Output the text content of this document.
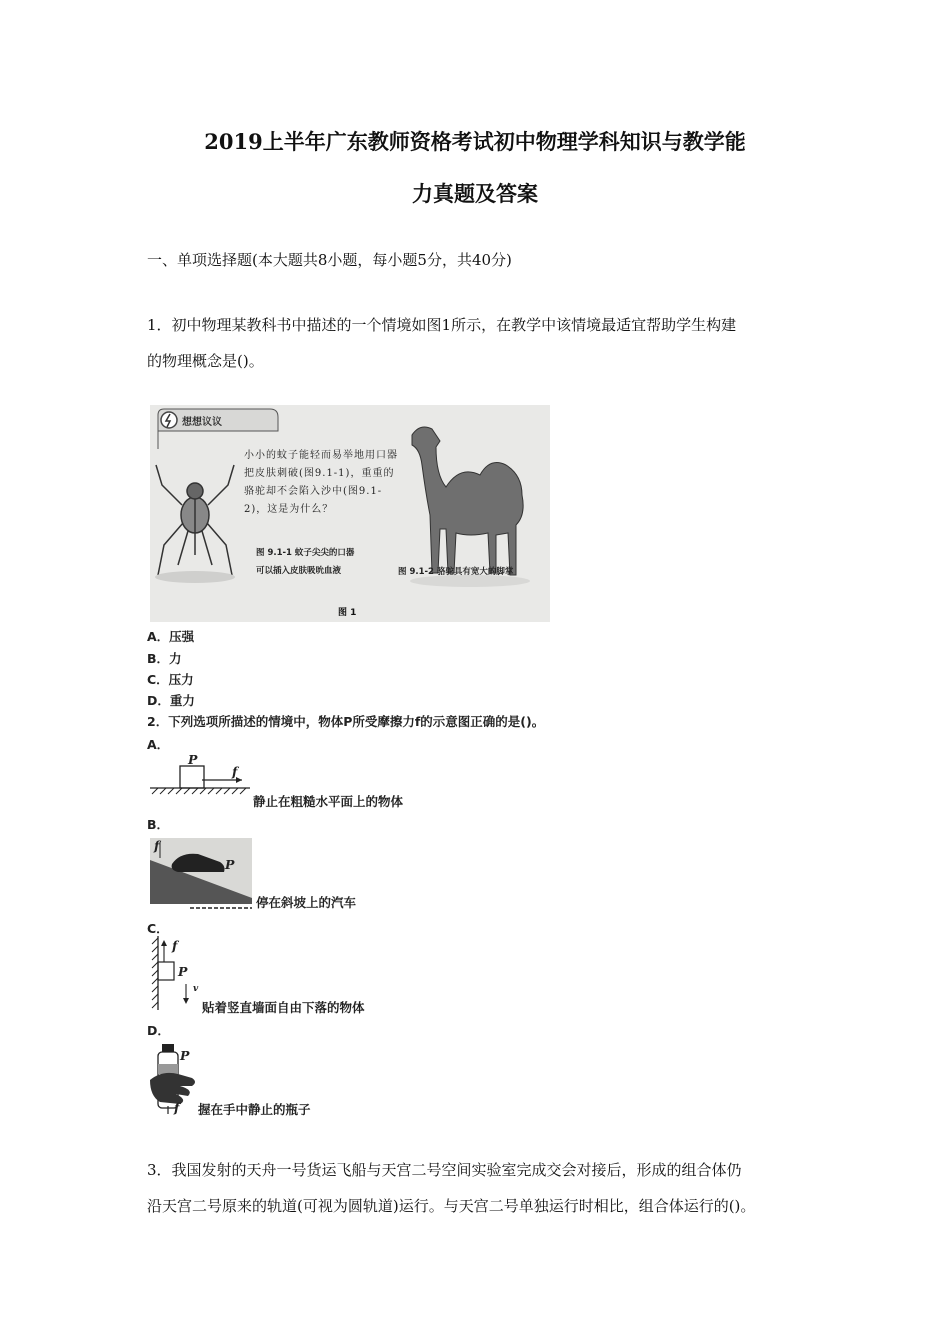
2019上半年广东教师资格考试初中物理学科知识与教学能
力真题及答案
一、单项选择题(本大题共8小题，每小题5分，共40分)
1．初中物理某教科书中描述的一个情境如图1所示，在教学中该情境最适宜帮助学生构建
的物理概念是()。
想想议议
小小的蚊子能轻而易举地用口器把皮肤刺破(图9.1-1)，重重的骆驼却不会陷入沙中(图9.1-2)，这是为什么？
图 9.1-1 蚊子尖尖的口器
可以插入皮肤吸吮血液	图 9.1-2 骆驼具有宽大的脚掌
图 1
A．压强
B．力
C．压力
D．重力
2．下列选项所描述的情境中，物体P所受摩擦力f的示意图正确的是()。
A．
P
f
静止在粗糙水平面上的物体
B．
P
f
停在斜坡上的汽车
C．
f
P
v
贴着竖直墙面自由下落的物体
D．
P
f 握在手中静止的瓶子
3．我国发射的天舟一号货运飞船与天宫二号空间实验室完成交会对接后，形成的组合体仍
沿天宫二号原来的轨道(可视为圆轨道)运行。与天宫二号单独运行时相比，组合体运行的()。
